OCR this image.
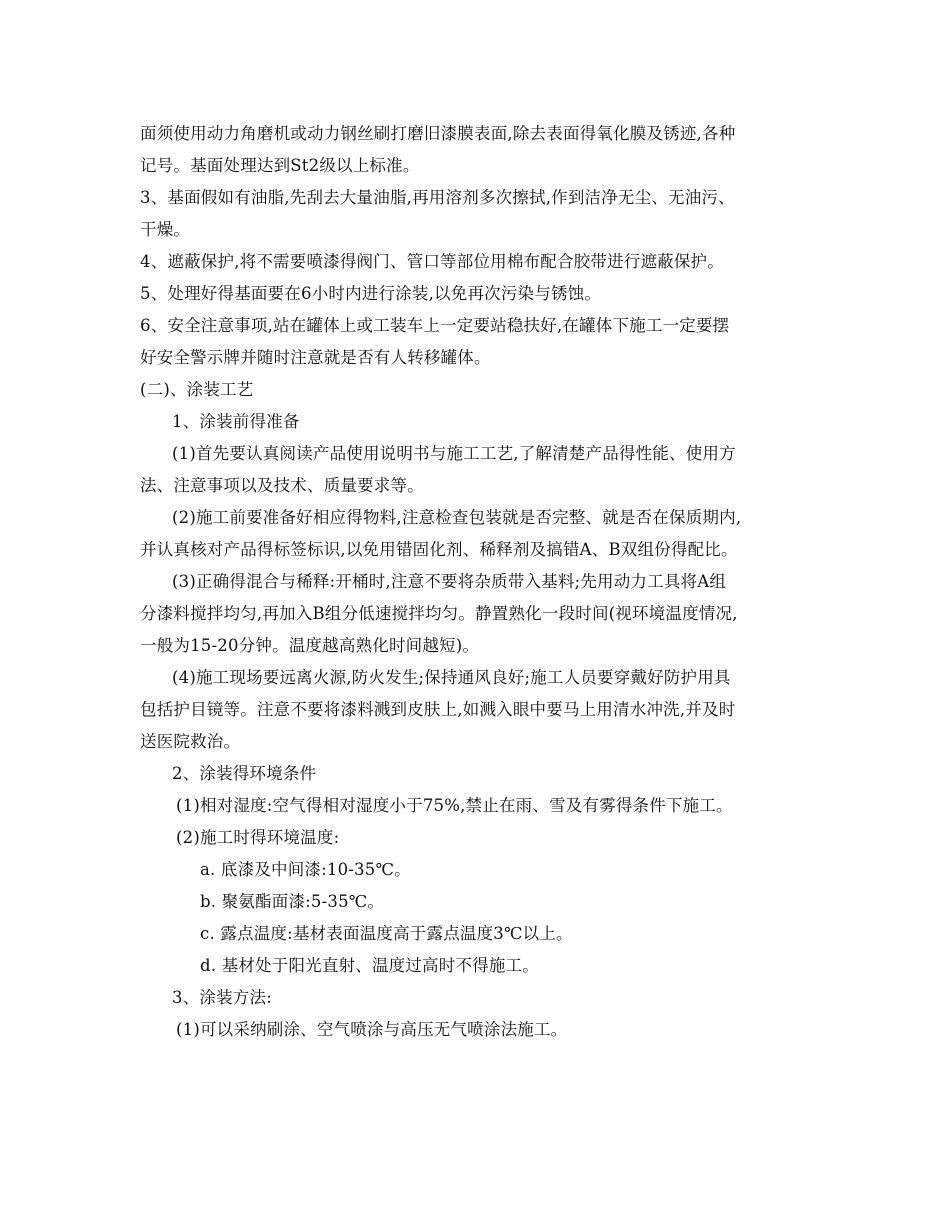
面须使用动力角磨机或动力钢丝刷打磨旧漆膜表面,除去表面得氧化膜及锈迹,各种
记号。基面处理达到St2级以上标准。
3、基面假如有油脂,先刮去大量油脂,再用溶剂多次擦拭,作到洁净无尘、无油污、
干燥。
4、遮蔽保护,将不需要喷漆得阀门、管口等部位用棉布配合胶带进行遮蔽保护。
5、处理好得基面要在6小时内进行涂装,以免再次污染与锈蚀。
6、安全注意事项,站在罐体上或工装车上一定要站稳扶好,在罐体下施工一定要摆
好安全警示牌并随时注意就是否有人转移罐体。
(二)、涂装工艺
1、涂装前得准备
(1)首先要认真阅读产品使用说明书与施工工艺,了解清楚产品得性能、使用方
法、注意事项以及技术、质量要求等。
(2)施工前要准备好相应得物料,注意检查包装就是否完整、就是否在保质期内,
并认真核对产品得标签标识,以免用错固化剂、稀释剂及搞错A、B双组份得配比。
(3)正确得混合与稀释:开桶时,注意不要将杂质带入基料;先用动力工具将A组
分漆料搅拌均匀,再加入B组分低速搅拌均匀。静置熟化一段时间(视环境温度情况,
一般为15-20分钟。温度越高熟化时间越短)。
(4)施工现场要远离火源,防火发生;保持通风良好;施工人员要穿戴好防护用具
包括护目镜等。注意不要将漆料溅到皮肤上,如溅入眼中要马上用清水冲洗,并及时
送医院救治。
2、涂装得环境条件
(1)相对湿度:空气得相对湿度小于75%,禁止在雨、雪及有雾得条件下施工。
(2)施工时得环境温度:
a. 底漆及中间漆:10-35℃。
b. 聚氨酯面漆:5-35℃。
c. 露点温度:基材表面温度高于露点温度3℃以上。
d. 基材处于阳光直射、温度过高时不得施工。
3、涂装方法:
(1)可以采纳刷涂、空气喷涂与高压无气喷涂法施工。
